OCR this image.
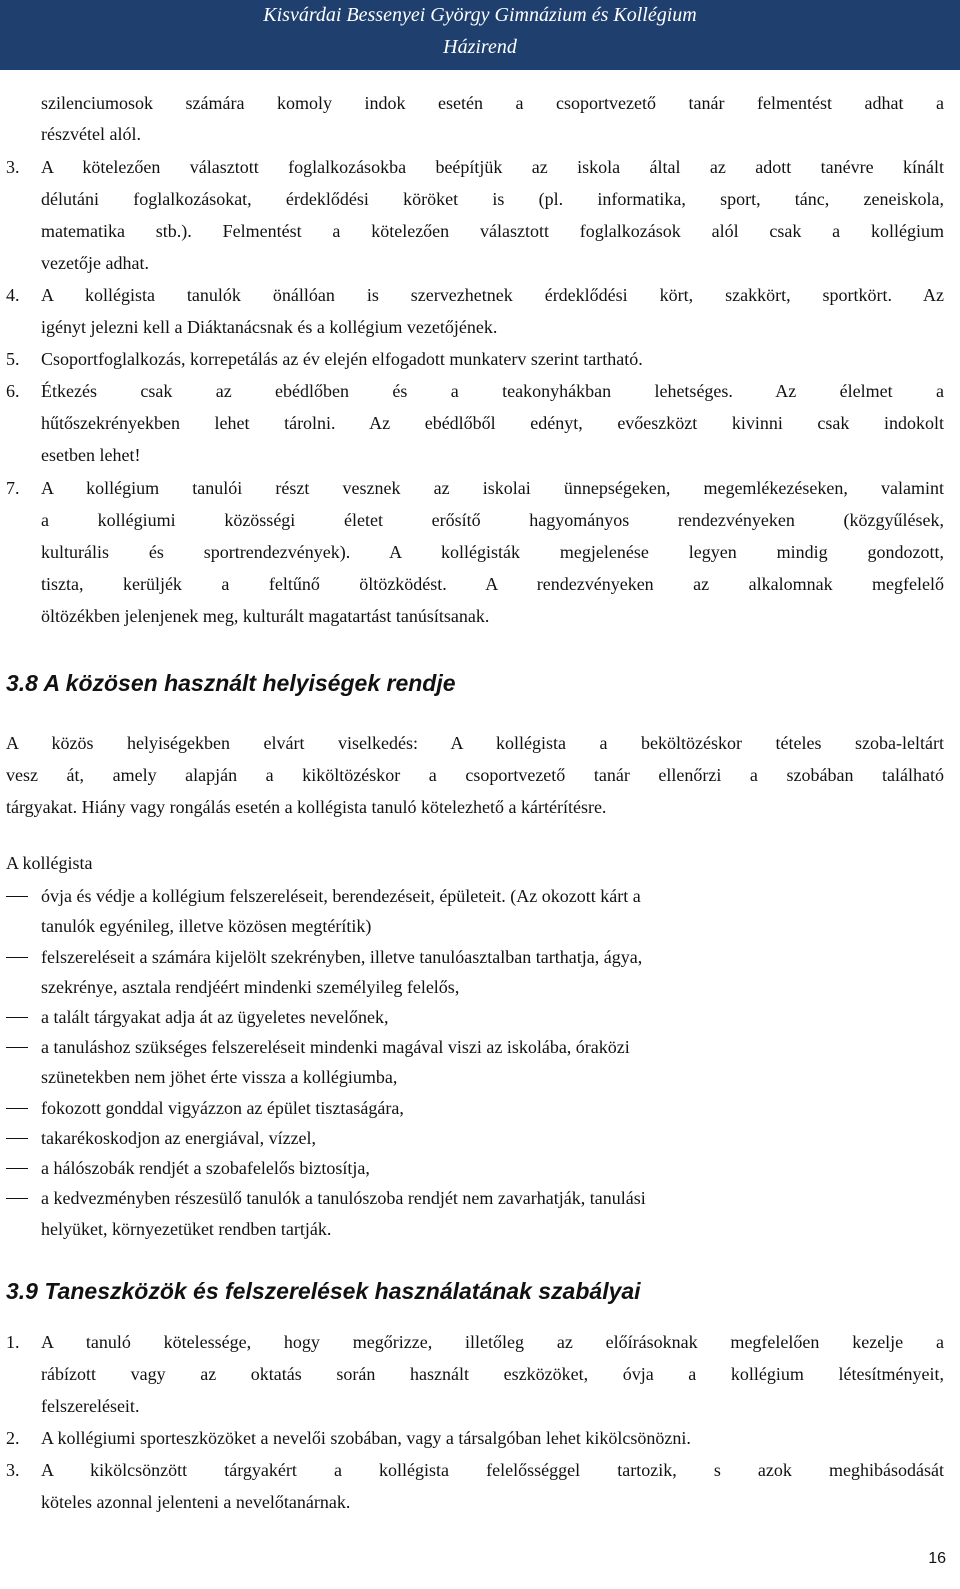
Kisvárdai Bessenyei György Gimnázium és Kollégium
Házirend
szilenciumosok számára komoly indok esetén a csoportvezető tanár felmentést adhat a
részvétel alól.
3. A kötelezően választott foglalkozásokba beépítjük az iskola által az adott tanévre kínált
délutáni foglalkozásokat, érdeklődési köröket is (pl. informatika, sport, tánc, zeneiskola,
matematika stb.). Felmentést a kötelezően választott foglalkozások alól csak a kollégium
vezetője adhat.
4. A kollégista tanulók önállóan is szervezhetnek érdeklődési kört, szakkört, sportkört. Az
igényt jelezni kell a Diáktanácsnak és a kollégium vezetőjének.
5. Csoportfoglalkozás, korrepetálás az év elején elfogadott munkaterv szerint tartható.
6. Étkezés csak az ebédlőben és a teakonyhákban lehetséges. Az élelmet a
hűtőszekrényekben lehet tárolni. Az ebédlőből edényt, evőeszközt kivinni csak indokolt
esetben lehet!
7. A kollégium tanulói részt vesznek az iskolai ünnepségeken, megemlékezéseken, valamint
a kollégiumi közösségi életet erősítő hagyományos rendezvényeken (közgyűlések,
kulturális és sportrendezvények). A kollégisták megjelenése legyen mindig gondozott,
tiszta, kerüljék a feltűnő öltözködést. A rendezvényeken az alkalomnak megfelelő
öltözékben jelenjenek meg, kulturált magatartást tanúsítsanak.
3.8 A közösen használt helyiségek rendje
A közös helyiségekben elvárt viselkedés: A kollégista a beköltözéskor tételes szoba-leltárt
vesz át, amely alapján a kiköltözéskor a csoportvezető tanár ellenőrzi a szobában található
tárgyakat. Hiány vagy rongálás esetén a kollégista tanuló kötelezhető a kártérítésre.
A kollégista
óvja és védje a kollégium felszereléseit, berendezéseit, épületeit. (Az okozott kárt a
tanulók egyénileg, illetve közösen megtérítik)
felszereléseit a számára kijelölt szekrényben, illetve tanulóasztalban tarthatja, ágya,
szekrénye, asztala rendjéért mindenki személyileg felelős,
a talált tárgyakat adja át az ügyeletes nevelőnek,
a tanuláshoz szükséges felszereléseit mindenki magával viszi az iskolába, óraközi
szünetekben nem jöhet érte vissza a kollégiumba,
fokozott gonddal vigyázzon az épület tisztaságára,
takarékoskodjon az energiával, vízzel,
a hálószobák rendjét a szobafelelős biztosítja,
a kedvezményben részesülő tanulók a tanulószoba rendjét nem zavarhatják, tanulási
helyüket, környezetüket rendben tartják.
3.9 Taneszközök és felszerelések használatának szabályai
1. A tanuló kötelessége, hogy megőrizze, illetőleg az előírásoknak megfelelően kezelje a
rábízott vagy az oktatás során használt eszközöket, óvja a kollégium létesítményeit,
felszereléseit.
2. A kollégiumi sporteszközöket a nevelői szobában, vagy a társalgóban lehet kikölcsönözni.
3. A kikölcsönzött tárgyakért a kollégista felelősséggel tartozik, s azok meghibásodását
köteles azonnal jelenteni a nevelőtanárnak.
16
